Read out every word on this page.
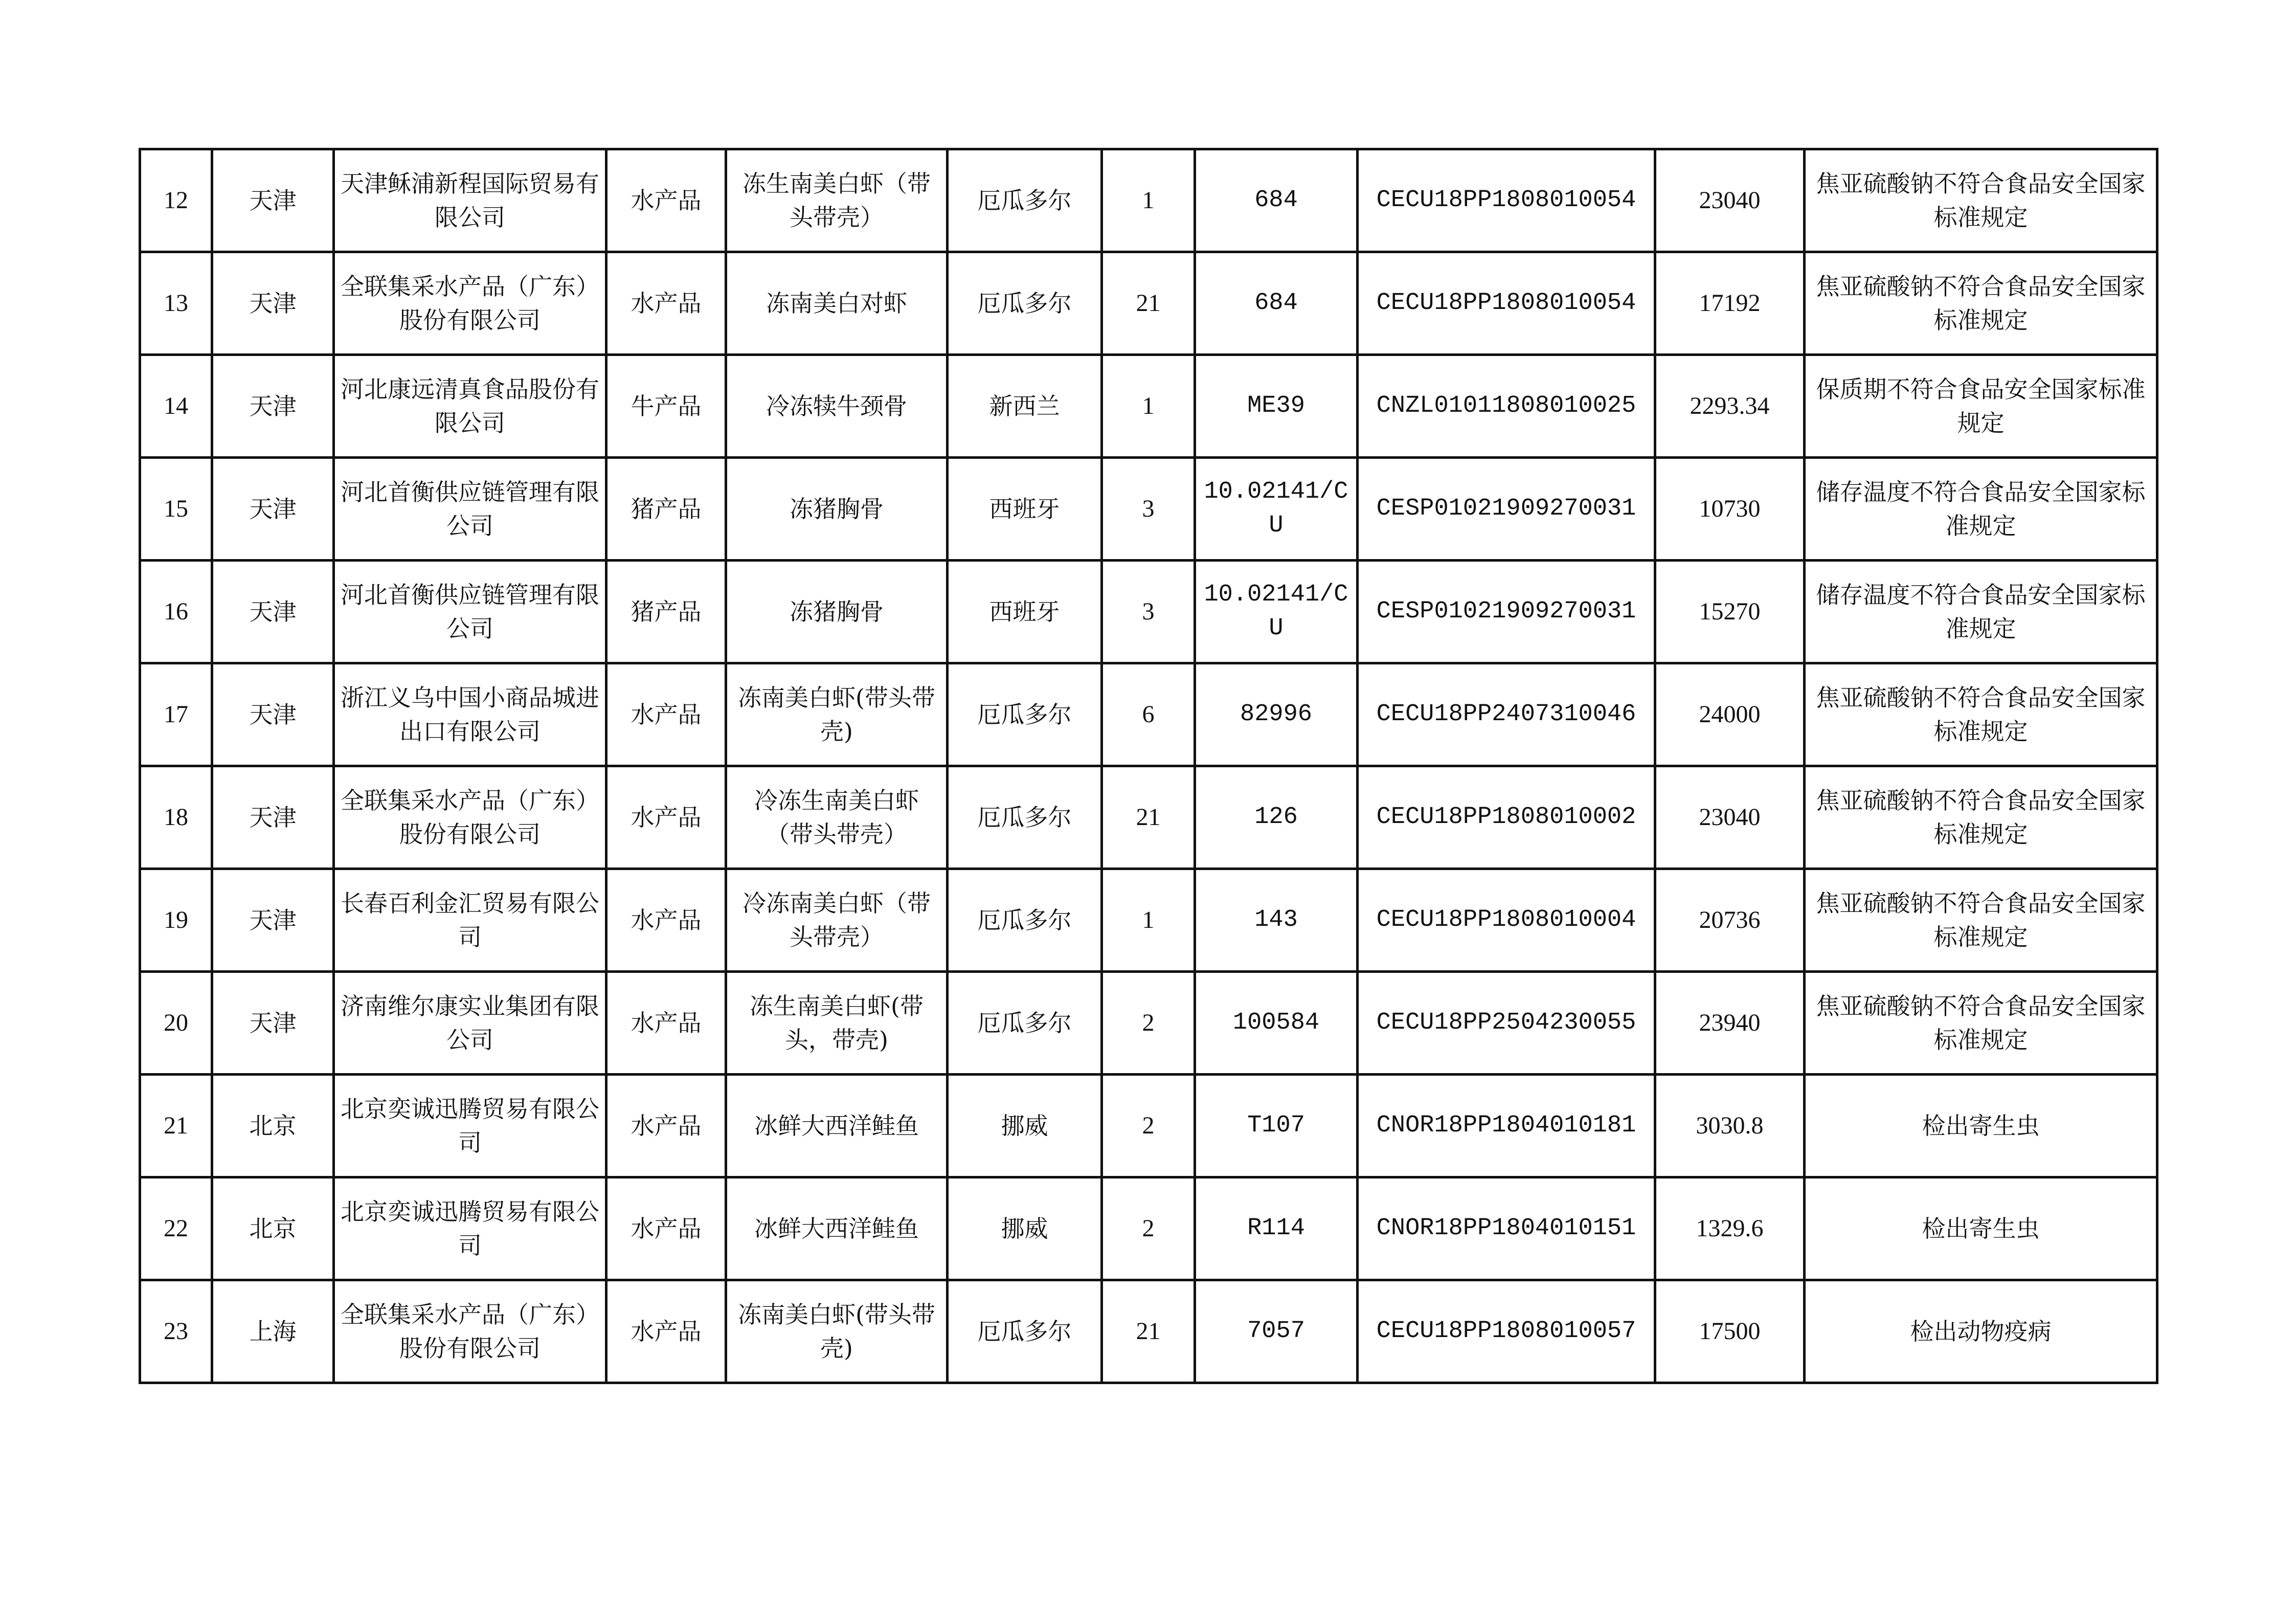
12	天津	天津稣浦新程国际贸易有限公司	水产品	冻生南美白虾（带头带壳）	厄瓜多尔	1	684	CECU18PP1808010054	23040	焦亚硫酸钠不符合食品安全国家标准规定
13	天津	全联集采水产品（广东）股份有限公司	水产品	冻南美白对虾	厄瓜多尔	21	684	CECU18PP1808010054	17192	焦亚硫酸钠不符合食品安全国家标准规定
14	天津	河北康远清真食品股份有限公司	牛产品	冷冻犊牛颈骨	新西兰	1	ME39	CNZL01011808010025	2293.34	保质期不符合食品安全国家标准规定
15	天津	河北首衡供应链管理有限公司	猪产品	冻猪胸骨	西班牙	3	10.02141/CU	CESP01021909270031	10730	储存温度不符合食品安全国家标准规定
16	天津	河北首衡供应链管理有限公司	猪产品	冻猪胸骨	西班牙	3	10.02141/CU	CESP01021909270031	15270	储存温度不符合食品安全国家标准规定
17	天津	浙江义乌中国小商品城进出口有限公司	水产品	冻南美白虾(带头带壳)	厄瓜多尔	6	82996	CECU18PP2407310046	24000	焦亚硫酸钠不符合食品安全国家标准规定
18	天津	全联集采水产品（广东）股份有限公司	水产品	冷冻生南美白虾（带头带壳）	厄瓜多尔	21	126	CECU18PP1808010002	23040	焦亚硫酸钠不符合食品安全国家标准规定
19	天津	长春百利金汇贸易有限公司	水产品	冷冻南美白虾（带头带壳）	厄瓜多尔	1	143	CECU18PP1808010004	20736	焦亚硫酸钠不符合食品安全国家标准规定
20	天津	济南维尔康实业集团有限公司	水产品	冻生南美白虾(带头，带壳)	厄瓜多尔	2	100584	CECU18PP2504230055	23940	焦亚硫酸钠不符合食品安全国家标准规定
21	北京	北京奕诚迅腾贸易有限公司	水产品	冰鲜大西洋鲑鱼	挪威	2	T107	CNOR18PP1804010181	3030.8	检出寄生虫
22	北京	北京奕诚迅腾贸易有限公司	水产品	冰鲜大西洋鲑鱼	挪威	2	R114	CNOR18PP1804010151	1329.6	检出寄生虫
23	上海	全联集采水产品（广东）股份有限公司	水产品	冻南美白虾(带头带壳)	厄瓜多尔	21	7057	CECU18PP1808010057	17500	检出动物疫病
